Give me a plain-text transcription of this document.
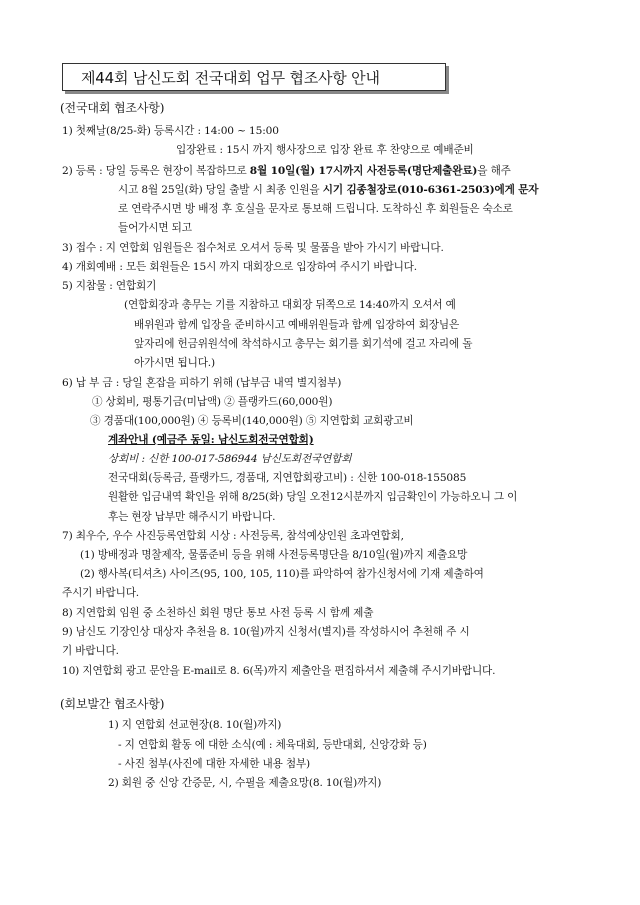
제44회 남신도회 전국대회 업무 협조사항 안내
(전국대회 협조사항)
1) 첫째날(8/25-화) 등록시간 : 14:00 ~ 15:00
입장완료 : 15시 까지 행사장으로 입장 완료 후 찬양으로 예배준비
2) 등록 : 당일 등록은 현장이 복잡하므로 8월 10일(월) 17시까지 사전등록(명단제출완료)을 해주
시고 8월 25일(화) 당일 출발 시 최종 인원을 시기 김종철장로(010-6361-2503)에게 문자
로 연락주시면 방 배정 후 호실을 문자로 통보해 드립니다. 도착하신 후 회원들은 숙소로
들어가시면 되고
3) 접수 : 지 연합회 임원들은 접수처로 오셔서 등록 및 물품을 받아 가시기 바랍니다.
4) 개회예배 : 모든 회원들은 15시 까지 대회장으로 입장하여 주시기 바랍니다.
5) 지참물 : 연합회기
(연합회장과 총무는 기를 지참하고 대회장 뒤쪽으로 14:40까지 오셔서 예
배위원과 함께 입장을 준비하시고 예배위원들과 함께 입장하여 회장님은
앞자리에 헌금위원석에 착석하시고 총무는 회기를 회기석에 걸고 자리에 돌
아가시면 됩니다.)
6) 납 부 금 : 당일 혼잡을 피하기 위해 (납부금 내역 별지첨부)
① 상회비, 평통기금(미납액) ② 플랭카드(60,000원)
③ 경품대(100,000원) ④ 등록비(140,000원) ⑤ 지연합회 교회광고비
계좌안내 (예금주 동일: 남신도회전국연합회)
상회비 : 신한 100-017-586944 남신도회전국연합회
전국대회(등록금, 플랭카드, 경품대, 지연합회광고비) : 신한 100-018-155085
원활한 입금내역 확인을 위해 8/25(화) 당일 오전12시분까지 입금확인이 가능하오니 그 이
후는 현장 납부만 해주시기 바랍니다.
7) 최우수, 우수 사진등록연합회 시상 : 사전등록, 참석예상인원 초과연합회,
(1) 방배정과 명찰제작, 물품준비 등을 위해 사전등록명단을 8/10일(월)까지 제출요망
(2) 행사복(티셔츠) 사이즈(95, 100, 105, 110)를 파악하여 참가신청서에 기재 제출하여
주시기 바랍니다.
8) 지연합회 임원 중 소천하신 회원 명단 통보 사전 등록 시 함께 제출
9) 남신도 기장인상 대상자 추천을 8. 10(월)까지 신청서(별지)를 작성하시어 추천해 주 시
기 바랍니다.
10) 지연합회 광고 문안을 E-mail로 8. 6(목)까지 제출안을 편집하셔서 제출해 주시기바랍니다.
(회보발간 협조사항)
1) 지 연합회 선교현장(8. 10(월)까지)
- 지 연합회 활동 에 대한 소식(예 : 체육대회, 등반대회, 신앙강화 등)
- 사진 첨부(사진에 대한 자세한 내용 첨부)
2) 회원 중 신앙 간증문, 시, 수필을 제출요망(8. 10(월)까지)
